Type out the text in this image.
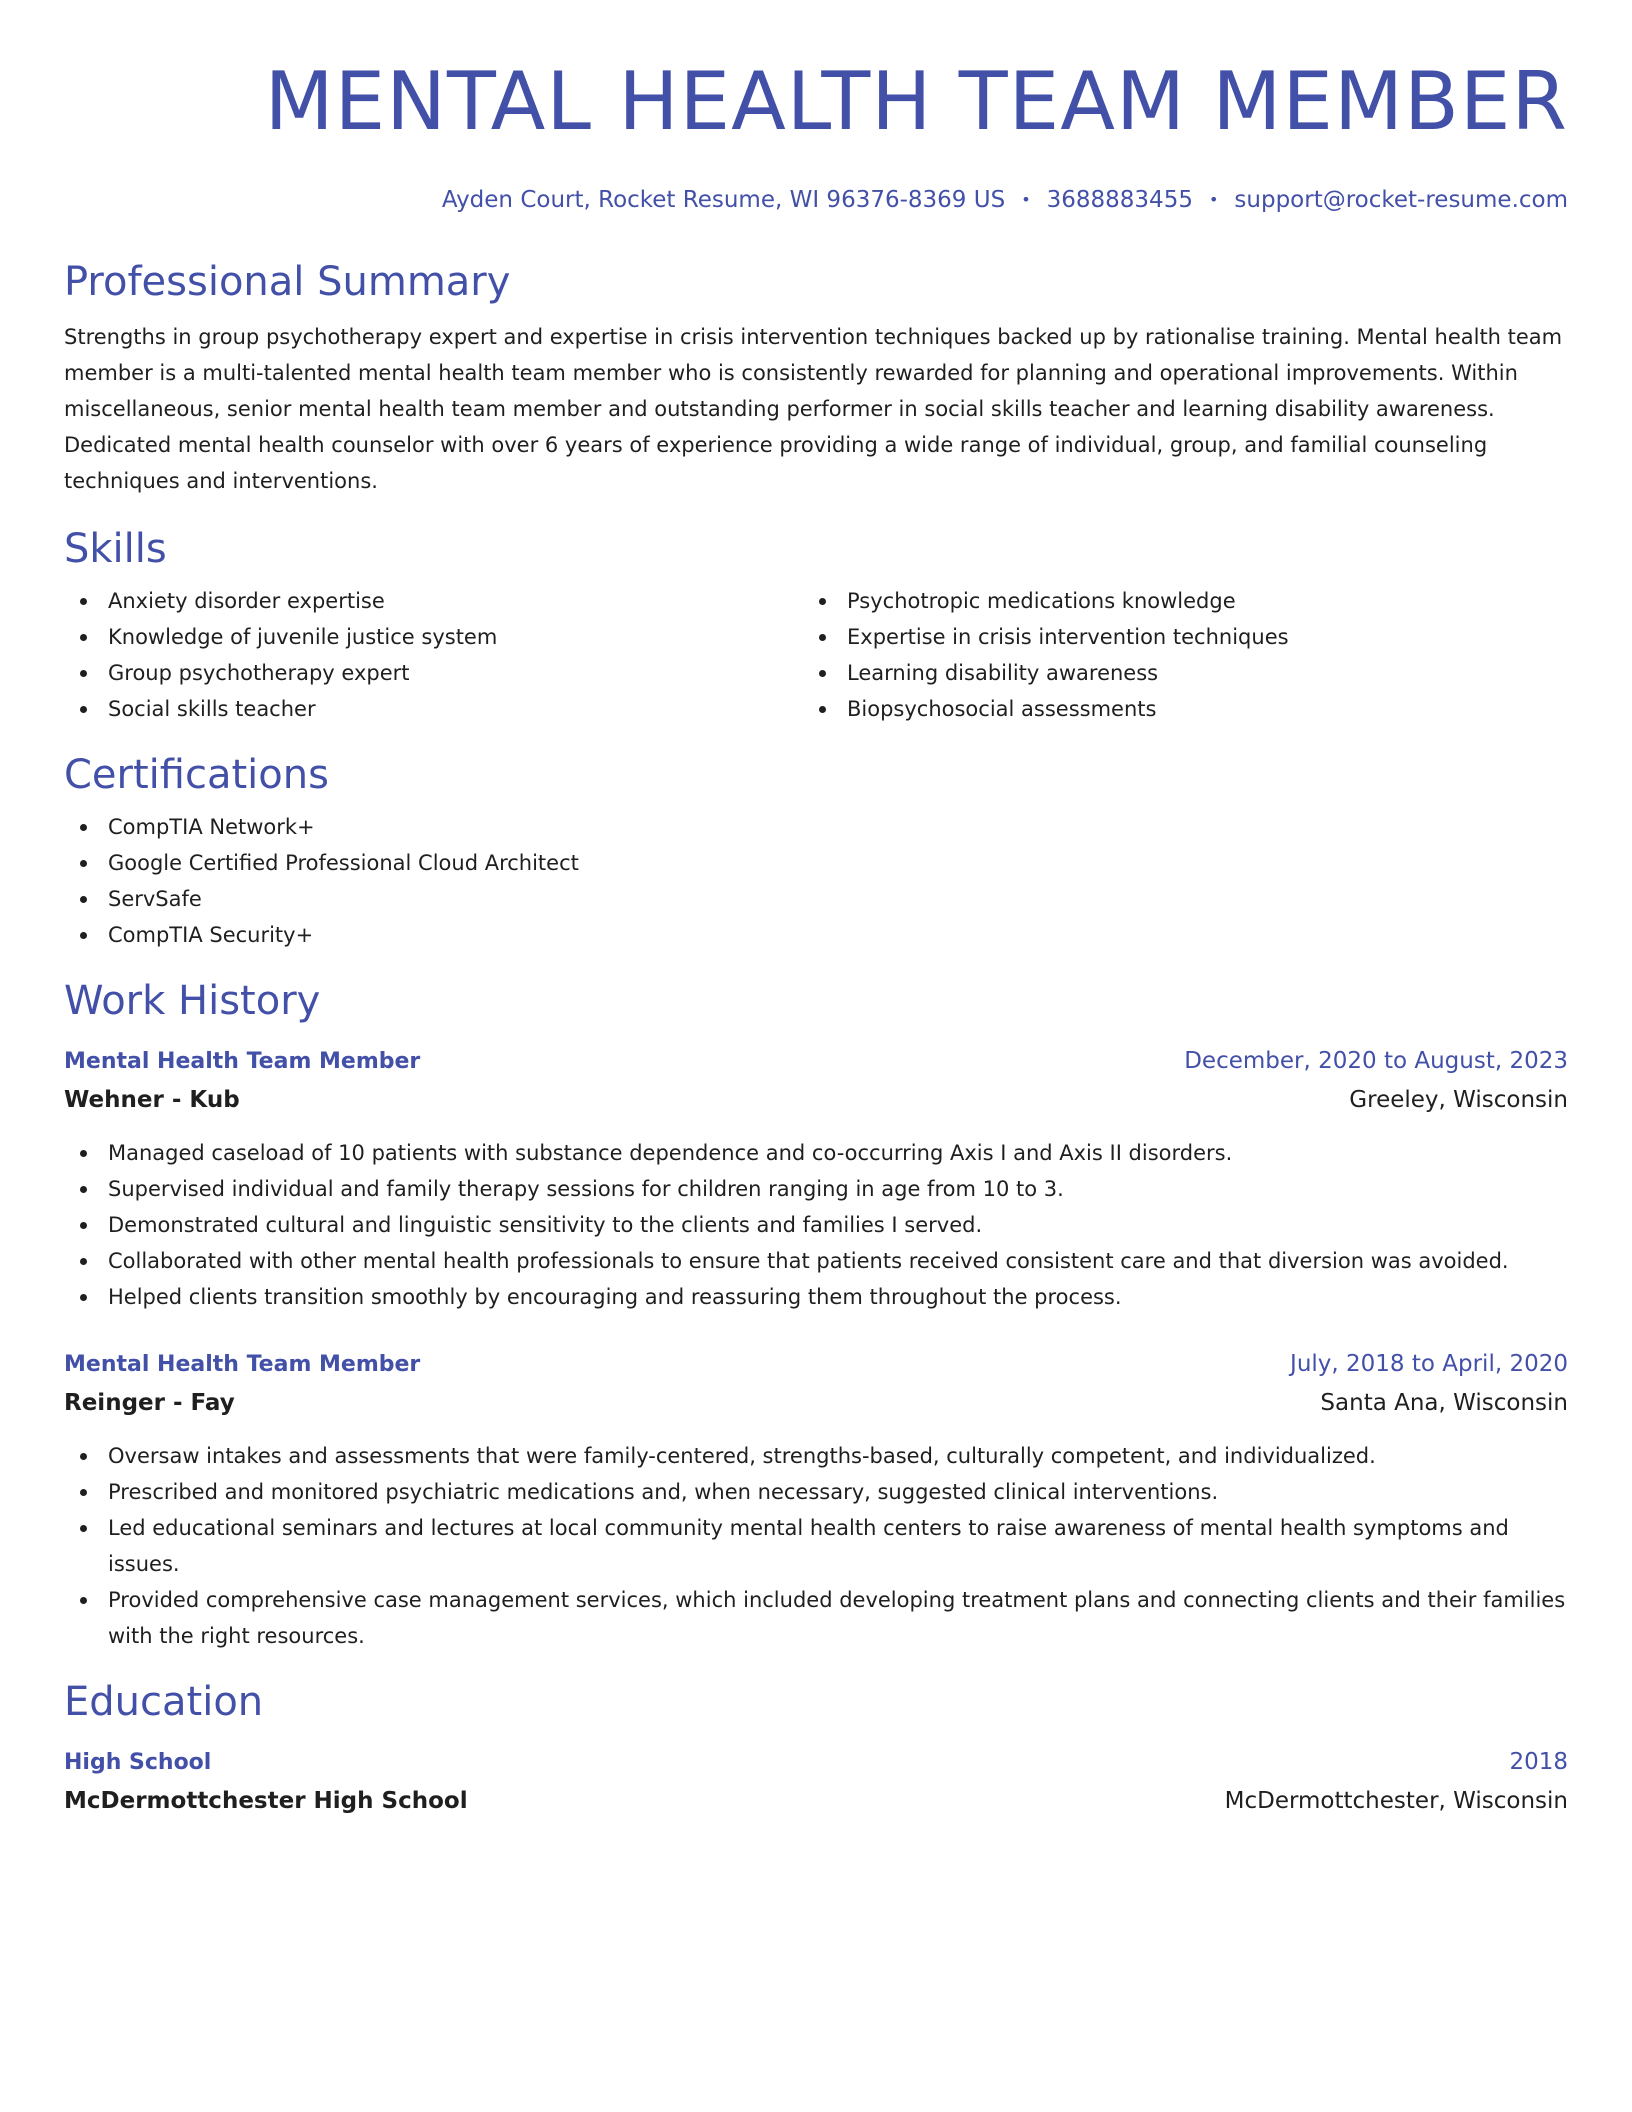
MENTAL HEALTH TEAM MEMBER
Ayden Court, Rocket Resume, WI 96376-8369 US • 3688883455 • support@rocket-resume.com
Professional Summary

Strengths in group psychotherapy expert and expertise in crisis intervention techniques backed up by rationalise training. Mental health team member is a multi-talented mental health team member who is consistently rewarded for planning and operational improvements. Within miscellaneous, senior mental health team member and outstanding performer in social skills teacher and learning disability awareness. Dedicated mental health counselor with over 6 years of experience providing a wide range of individual, group, and familial counseling techniques and interventions.

Skills
Anxiety disorder expertise
Knowledge of juvenile justice system
Group psychotherapy expert
Social skills teacher
Psychotropic medications knowledge
Expertise in crisis intervention techniques
Learning disability awareness
Biopsychosocial assessments
Certifications
CompTIA Network+
Google Certified Professional Cloud Architect
ServSafe
CompTIA Security+
Work History
Mental Health Team Member	December, 2020 to August, 2023
Wehner - Kub	Greeley, Wisconsin
Managed caseload of 10 patients with substance dependence and co-occurring Axis I and Axis II disorders.
Supervised individual and family therapy sessions for children ranging in age from 10 to 3.
Demonstrated cultural and linguistic sensitivity to the clients and families I served.
Collaborated with other mental health professionals to ensure that patients received consistent care and that diversion was avoided.
Helped clients transition smoothly by encouraging and reassuring them throughout the process.
Mental Health Team Member	July, 2018 to April, 2020
Reinger - Fay	Santa Ana, Wisconsin
Oversaw intakes and assessments that were family-centered, strengths-based, culturally competent, and individualized.
Prescribed and monitored psychiatric medications and, when necessary, suggested clinical interventions.
Led educational seminars and lectures at local community mental health centers to raise awareness of mental health symptoms and issues.
Provided comprehensive case management services, which included developing treatment plans and connecting clients and their families with the right resources.
Education
High School	2018
McDermottchester High School	McDermottchester, Wisconsin
